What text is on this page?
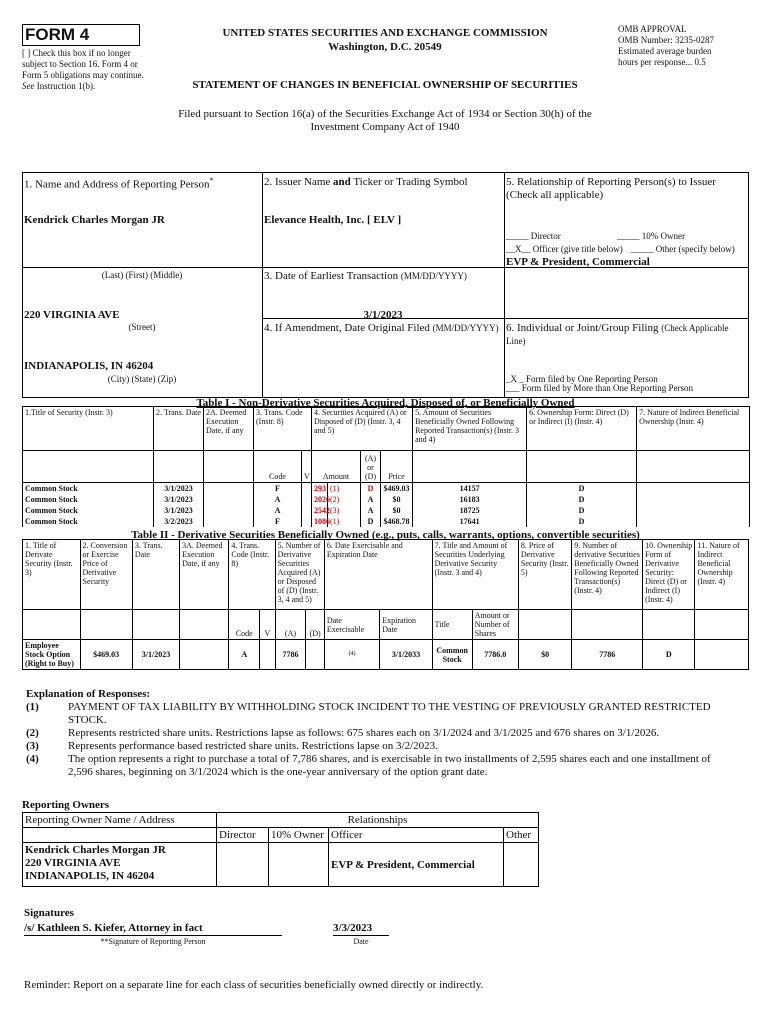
FORM 4
[ ] Check this box if no longer subject to Section 16. Form 4 or Form 5 obligations may continue. See Instruction 1(b).
UNITED STATES SECURITIES AND EXCHANGE COMMISSION
Washington, D.C. 20549
OMB APPROVAL
OMB Number: 3235-0287
Estimated average burden
hours per response... 0.5
STATEMENT OF CHANGES IN BENEFICIAL OWNERSHIP OF SECURITIES
Filed pursuant to Section 16(a) of the Securities Exchange Act of 1934 or Section 30(h) of the
Investment Company Act of 1940
1. Name and Address of Reporting Person*
Kendrick Charles Morgan JR
(Last) (First) (Middle)
220 VIRGINIA AVE
(Street)
INDIANAPOLIS, IN 46204
(City) (State) (Zip)
2. Issuer Name and Ticker or Trading Symbol
Elevance Health, Inc. [ ELV ]
3. Date of Earliest Transaction (MM/DD/YYYY)
3/1/2023
4. If Amendment, Date Original Filed (MM/DD/YYYY)
5. Relationship of Reporting Person(s) to Issuer
(Check all applicable)
_____ Director	_____ 10% Owner
__X__ Officer (give title below) _____ Other (specify below)
EVP & President, Commercial
6. Individual or Joint/Group Filing (Check Applicable Line)
_X _ Form filed by One Reporting Person
___ Form filed by More than One Reporting Person
Table I - Non-Derivative Securities Acquired, Disposed of, or Beneficially Owned
1.Title of Security (Instr. 3)	2. Trans. Date	2A. Deemed Execution Date, if any	3. Trans. Code (Instr. 8)		4. Securities Acquired (A) or Disposed of (D) (Instr. 3, 4 and 5)				5. Amount of Securities Beneficially Owned Following Reported Transaction(s) (Instr. 3 and 4)	6. Ownership Form: Direct (D) or Indirect (I) (Instr. 4)	7. Nature of Indirect Beneficial Ownership (Instr. 4)
			Code	V	Amount		(A) or (D)	Price			
Common Stock	3/1/2023		F		293	(1)	D	$469.03	14157	D	
Common Stock	3/1/2023		A		2026	(2)	A	$0	16183	D	
Common Stock	3/1/2023		A		2542	(3)	A	$0	18725	D	
Common Stock	3/2/2023		F		1086	(1)	D	$468.78	17641	D	
Table II - Derivative Securities Beneficially Owned (e.g., puts, calls, warrants, options, convertible securities)
1. Title of Derivate Security (Instr. 3)	2. Conversion or Exercise Price of Derivative Security	3. Trans. Date	3A. Deemed Execution Date, if any	4. Trans. Code (Instr. 8)		5. Number of Derivative Securities Acquired (A) or Disposed of (D) (Instr. 3, 4 and 5)		6. Date Exercisable and Expiration Date		7. Title and Amount of Securities Underlying Derivative Security (Instr. 3 and 4)		8. Price of Derivative Security (Instr. 5)	9. Number of derivative Securities Beneficially Owned Following Reported Transaction(s) (Instr. 4)	10. Ownership Form of Derivative Security: Direct (D) or Indirect (I) (Instr. 4)	11. Nature of Indirect Beneficial Ownership (Instr. 4)
				Code	V	(A)	(D)	Date Exercisable	Expiration Date	Title	Amount or Number of Shares				
Employee Stock Option (Right to Buy)	$469.03	3/1/2023		A		7786		(4)	3/1/2033	Common Stock	7786.0	$0	7786	D	
Explanation of Responses:
(1)	PAYMENT OF TAX LIABILITY BY WITHHOLDING STOCK INCIDENT TO THE VESTING OF PREVIOUSLY GRANTED RESTRICTED STOCK.
(2)	Represents restricted share units. Restrictions lapse as follows: 675 shares each on 3/1/2024 and 3/1/2025 and 676 shares on 3/1/2026.
(3)	Represents performance based restricted share units. Restrictions lapse on 3/2/2023.
(4)	The option represents a right to purchase a total of 7,786 shares, and is exercisable in two installments of 2,595 shares each and one installment of 2,596 shares, beginning on 3/1/2024 which is the one-year anniversary of the option grant date.
Reporting Owners
Reporting Owner Name / Address	Relationships			
	Director	10% Owner	Officer	Other

Kendrick Charles Morgan JR
220 VIRGINIA AVE
INDIANAPOLIS, IN 46204			EVP & President, Commercial	
Signatures
/s/ Kathleen S. Kiefer, Attorney in fact
**Signature of Reporting Person
3/3/2023
Date
Reminder: Report on a separate line for each class of securities beneficially owned directly or indirectly.
